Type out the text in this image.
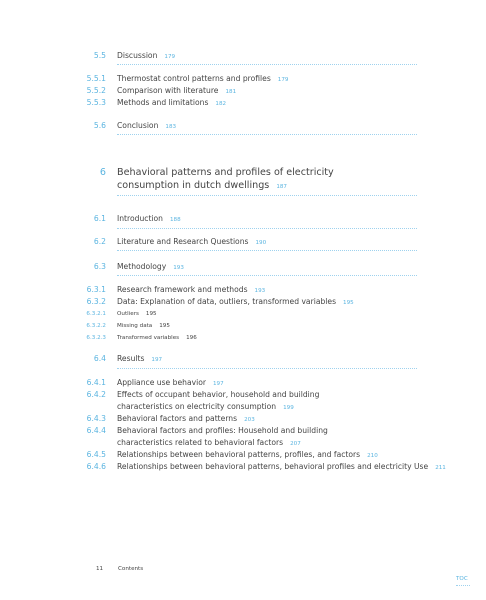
5.5 Discussion 179
5.5.1 Thermostat control patterns and profiles 179
5.5.2 Comparison with literature 181
5.5.3 Methods and limitations 182
5.6 Conclusion 183
6 Behavioral patterns and profiles of electricity
consumption in dutch dwellings 187
6.1 Introduction 188
6.2 Literature and Research Questions 190
6.3 Methodology 193
6.3.1 Research framework and methods 193
6.3.2 Data: Explanation of data, outliers, transformed variables 195
6.3.2.1 Outliers 195
6.3.2.2 Missing data 195
6.3.2.3 Transformed variables 196
6.4 Results 197
6.4.1 Appliance use behavior 197
6.4.2 Effects of occupant behavior, household and building
characteristics on electricity consumption 199
6.4.3 Behavioral factors and patterns 203
6.4.4 Behavioral factors and profiles: Household and building
characteristics related to behavioral factors 207
6.4.5 Relationships between behavioral patterns, profiles, and factors 210
6.4.6 Relationships between behavioral patterns, behavioral profiles and electricity Use 211
11	Contents
TOC
